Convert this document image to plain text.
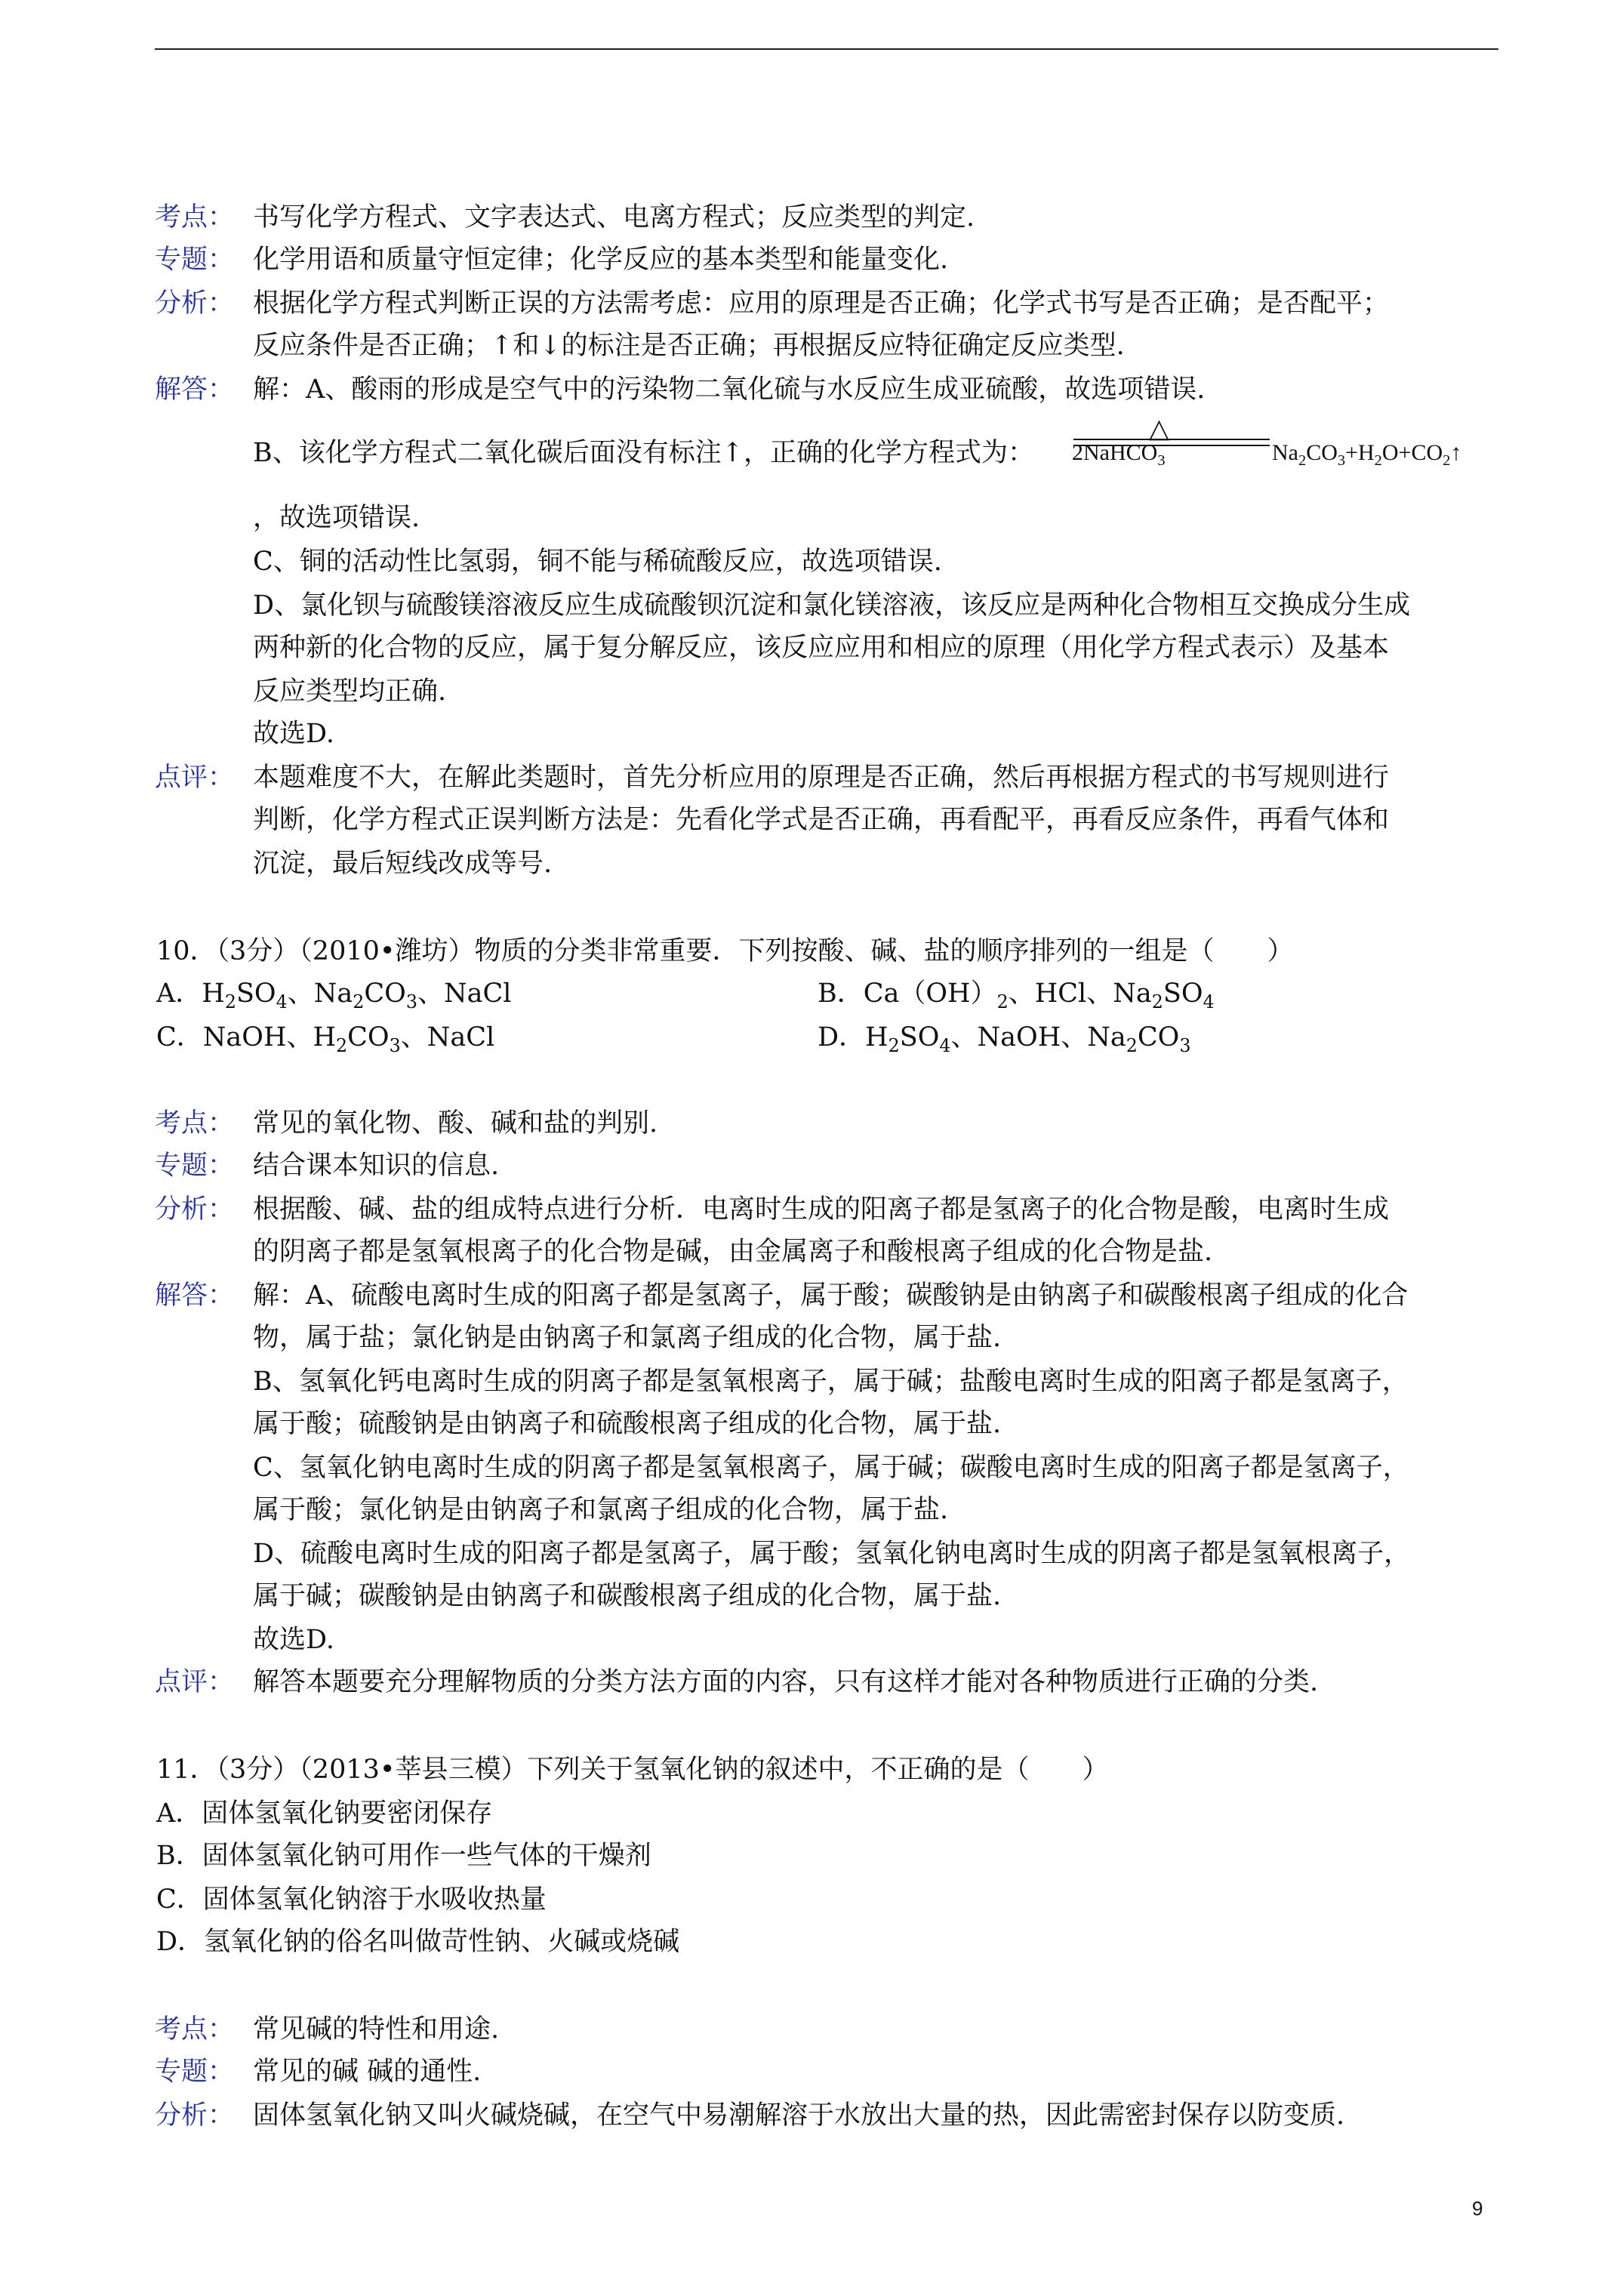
考点： 书写化学方程式、文字表达式、电离方程式；反应类型的判定.
专题： 化学用语和质量守恒定律；化学反应的基本类型和能量变化.
分析： 根据化学方程式判断正误的方法需考虑：应用的原理是否正确；化学式书写是否正确；是否配平；
反应条件是否正确；↑和↓的标注是否正确；再根据反应特征确定反应类型.
解答： 解：A、酸雨的形成是空气中的污染物二氧化硫与水反应生成亚硫酸，故选项错误.
B、该化学方程式二氧化碳后面没有标注↑，正确的化学方程式为：
△
2NaHCO$_3$	$Na_2CO_3+H_2O+CO_2↑$
，故选项错误.
C、铜的活动性比氢弱，铜不能与稀硫酸反应，故选项错误.
D、氯化钡与硫酸镁溶液反应生成硫酸钡沉淀和氯化镁溶液，该反应是两种化合物相互交换成分生成
两种新的化合物的反应，属于复分解反应，该反应应用和相应的原理（用化学方程式表示）及基本
反应类型均正确.
故选D.
点评： 本题难度不大，在解此类题时，首先分析应用的原理是否正确，然后再根据方程式的书写规则进行
判断，化学方程式正误判断方法是：先看化学式是否正确，再看配平，再看反应条件，再看气体和
沉淀，最后短线改成等号.
10．（3分）（2010•潍坊）物质的分类非常重要．下列按酸、碱、盐的顺序排列的一组是（　　）
A．$H_2SO_4$、$Na_2CO_3$、NaCl	B．$Ca(OH)_2$、HCl、$Na_2SO_4$
C．NaOH、$H_2CO_3$、NaCl	D．$H_2SO_4$、NaOH、$Na_2CO_3$
考点： 常见的氧化物、酸、碱和盐的判别.
专题： 结合课本知识的信息.
分析： 根据酸、碱、盐的组成特点进行分析．电离时生成的阳离子都是氢离子的化合物是酸，电离时生成
的阴离子都是氢氧根离子的化合物是碱，由金属离子和酸根离子组成的化合物是盐.
解答： 解：A、硫酸电离时生成的阳离子都是氢离子，属于酸；碳酸钠是由钠离子和碳酸根离子组成的化合
物，属于盐；氯化钠是由钠离子和氯离子组成的化合物，属于盐.
B、氢氧化钙电离时生成的阴离子都是氢氧根离子，属于碱；盐酸电离时生成的阳离子都是氢离子，
属于酸；硫酸钠是由钠离子和硫酸根离子组成的化合物，属于盐.
C、氢氧化钠电离时生成的阴离子都是氢氧根离子，属于碱；碳酸电离时生成的阳离子都是氢离子，
属于酸；氯化钠是由钠离子和氯离子组成的化合物，属于盐.
D、硫酸电离时生成的阳离子都是氢离子，属于酸；氢氧化钠电离时生成的阴离子都是氢氧根离子，
属于碱；碳酸钠是由钠离子和碳酸根离子组成的化合物，属于盐.
故选D.
点评： 解答本题要充分理解物质的分类方法方面的内容，只有这样才能对各种物质进行正确的分类.
11．（3分）（2013•莘县三模）下列关于氢氧化钠的叙述中，不正确的是（　　）
A．固体氢氧化钠要密闭保存
B．固体氢氧化钠可用作一些气体的干燥剂
C．固体氢氧化钠溶于水吸收热量
D．氢氧化钠的俗名叫做苛性钠、火碱或烧碱
考点： 常见碱的特性和用途.
专题： 常见的碱 碱的通性.
分析： 固体氢氧化钠又叫火碱烧碱，在空气中易潮解溶于水放出大量的热，因此需密封保存以防变质.
9
